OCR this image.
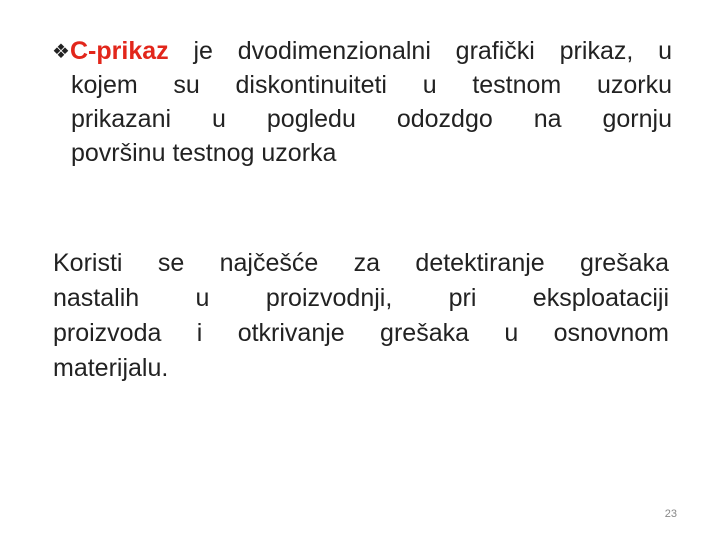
❖C-prikaz je dvodimenzionalni grafički prikaz, u
kojem su diskontinuiteti u testnom uzorku
prikazani u pogledu odozdgo na gornju
površinu testnog uzorka
Koristi se najčešće za detektiranje grešaka
nastalih u proizvodnji, pri eksploataciji
proizvoda i otkrivanje grešaka u osnovnom
materijalu.
23
